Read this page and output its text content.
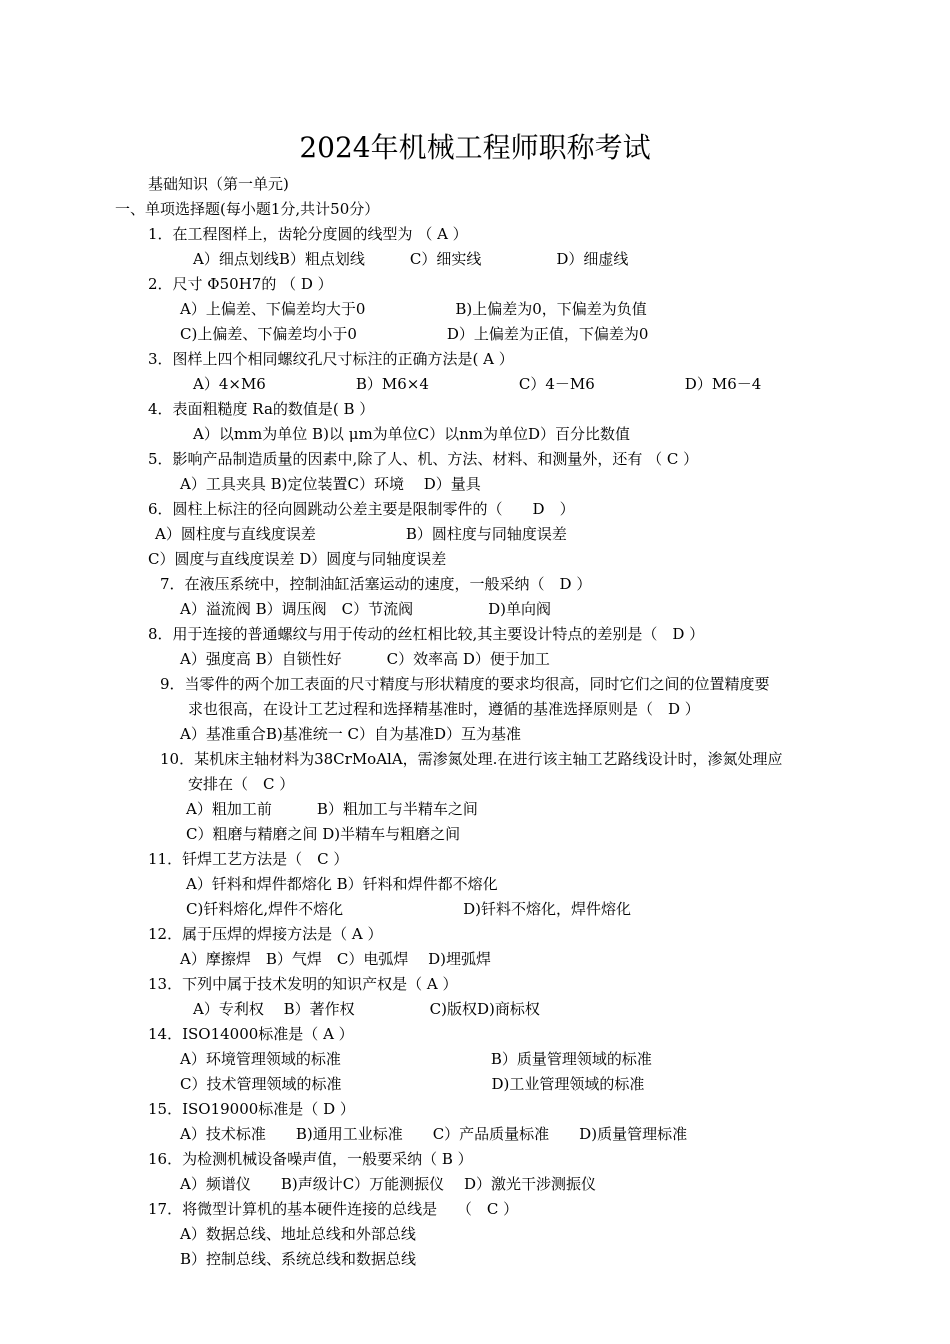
2024年机械工程师职称考试
基础知识（第一单元)
一、单项选择题(每小题1分,共计50分）
1．在工程图样上，齿轮分度圆的线型为 （ A ）
A）细点划线B）粗点划线　　　C）细实线　　　　　D）细虚线
2．尺寸 Φ50H7的 （ D ）
A）上偏差、下偏差均大于0　　　　　　B)上偏差为0，下偏差为负值
C)上偏差、下偏差均小于0　　　　　　D）上偏差为正值，下偏差为0
3．图样上四个相同螺纹孔尺寸标注的正确方法是( A ）
A）4×M6　　　　　　B）M6×4　　　　　　C）4－M6　　　　　　D）M6－4
4．表面粗糙度 Ra的数值是( B ）
A）以mm为单位 B)以 μm为单位C）以nm为单位D）百分比数值
5．影响产品制造质量的因素中,除了人、机、方法、材料、和测量外，还有 （ C ）
A）工具夹具 B)定位装置C）环境　 D）量具
6．圆柱上标注的径向圆跳动公差主要是限制零件的（　　D　）
A）圆柱度与直线度误差　　　　　　B）圆柱度与同轴度误差
C）圆度与直线度误差 D）圆度与同轴度误差
7．在液压系统中，控制油缸活塞运动的速度，一般采纳（　D ）
A）溢流阀 B）调压阀　C）节流阀　　　　　D)单向阀
8．用于连接的普通螺纹与用于传动的丝杠相比较,其主要设计特点的差别是（　D ）
A）强度高 B）自锁性好　　　C）效率高 D）便于加工
9．当零件的两个加工表面的尺寸精度与形状精度的要求均很高，同时它们之间的位置精度要
求也很高，在设计工艺过程和选择精基准时，遵循的基准选择原则是（　D ）
A）基准重合B)基准统一 C）自为基准D）互为基准
10．某机床主轴材料为38CrMoAlA，需渗氮处理.在进行该主轴工艺路线设计时，渗氮处理应
安排在（　C ）
A）粗加工前　　　B）粗加工与半精车之间
C）粗磨与精磨之间 D)半精车与粗磨之间
11．钎焊工艺方法是（　C ）
A）钎料和焊件都熔化 B）钎料和焊件都不熔化
C)钎料熔化,焊件不熔化　　　　　　　　D)钎料不熔化，焊件熔化
12．属于压焊的焊接方法是（ A ）
A）摩擦焊　B）气焊　C）电弧焊　 D)埋弧焊
13．下列中属于技术发明的知识产权是（ A ）
A）专利权　 B）著作权　　　　　C)版权D)商标权
14．ISO14000标准是（ A ）
A）环境管理领域的标准　　　　　　　　　　B）质量管理领域的标准
C）技术管理领域的标准　　　　　　　　　　D)工业管理领域的标准
15．ISO19000标准是（ D ）
A）技术标准　　B)通用工业标准　　C）产品质量标准　　D)质量管理标准
16．为检测机械设备噪声值，一般要采纳（ B ）
A）频谱仪　　B)声级计C）万能测振仪　 D）激光干涉测振仪
17．将微型计算机的基本硬件连接的总线是　 （　C ）
A）数据总线、地址总线和外部总线
B）控制总线、系统总线和数据总线
